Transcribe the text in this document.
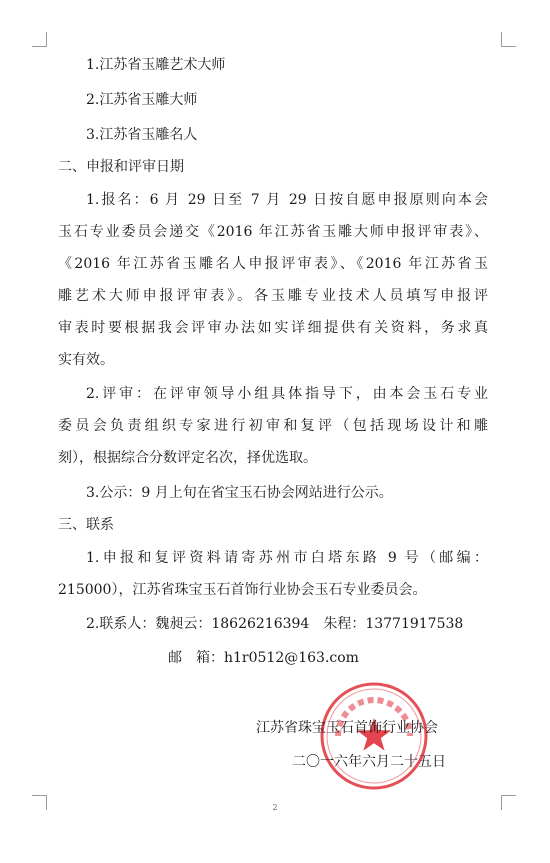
1.江苏省玉雕艺术大师
2.江苏省玉雕大师
3.江苏省玉雕名人
二、申报和评审日期
1.报名：6 月 29 日至 7 月 29 日按自愿申报原则向本会
玉石专业委员会递交《2016 年江苏省玉雕大师申报评审表》、
《2016 年江苏省玉雕名人申报评审表》、《2016 年江苏省玉
雕艺术大师申报评审表》。各玉雕专业技术人员填写申报评
审表时要根据我会评审办法如实详细提供有关资料，务求真
实有效。
2.评审：在评审领导小组具体指导下，由本会玉石专业
委员会负责组织专家进行初审和复评（包括现场设计和雕
刻），根据综合分数评定名次，择优选取。
3.公示：9 月上旬在省宝玉石协会网站进行公示。
三、联系
1.申报和复评资料请寄苏州市白塔东路 9 号（邮编：
215000），江苏省珠宝玉石首饰行业协会玉石专业委员会。
2.联系人：魏昶云：18626216394　朱程：13771917538
邮　箱：h1r0512@163.com
江苏省珠宝玉石首饰行业协会
二〇一六年六月二十五日
2
